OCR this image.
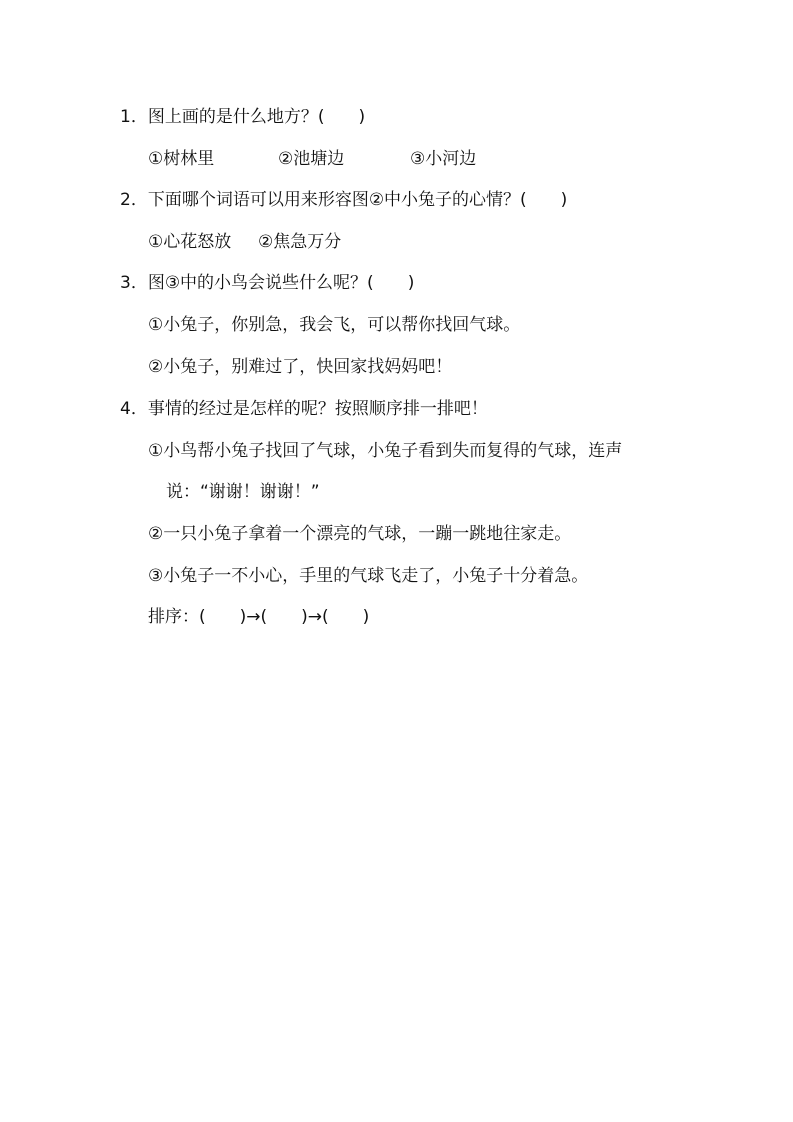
1．图上画的是什么地方？(　　)
①树林里	②池塘边	③小河边
2．下面哪个词语可以用来形容图②中小兔子的心情？(　　)
①心花怒放 ②焦急万分
3．图③中的小鸟会说些什么呢？(　　)
①小兔子，你别急，我会飞，可以帮你找回气球。
②小兔子，别难过了，快回家找妈妈吧！
4．事情的经过是怎样的呢？按照顺序排一排吧！
①小鸟帮小兔子找回了气球，小兔子看到失而复得的气球，连声
说：“谢谢！谢谢！”
②一只小兔子拿着一个漂亮的气球，一蹦一跳地往家走。
③小兔子一不小心，手里的气球飞走了，小兔子十分着急。
排序：(　　)→(　　)→(　　)
